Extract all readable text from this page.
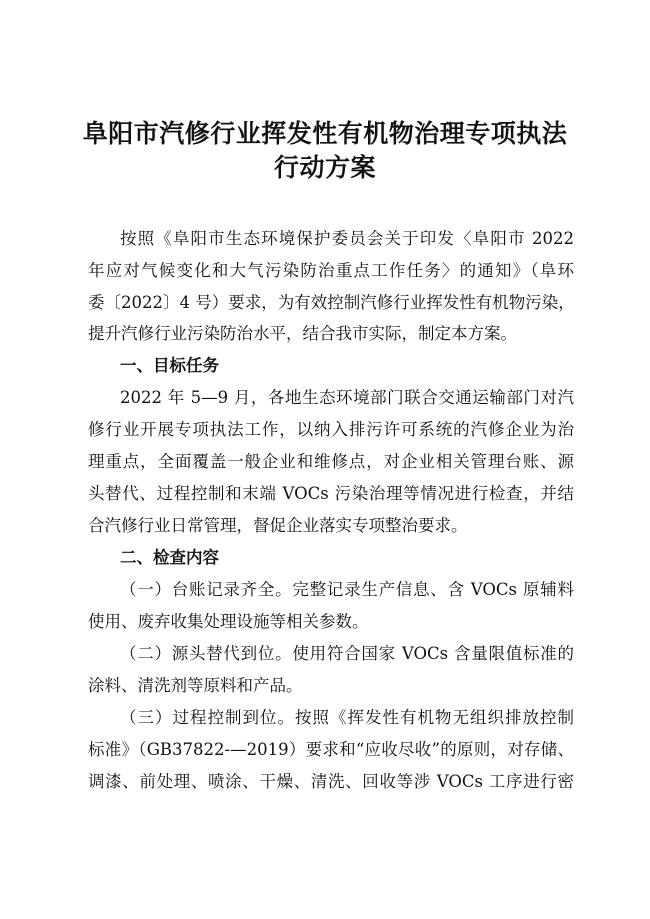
阜阳市汽修行业挥发性有机物治理专项执法
行动方案

按照《阜阳市生态环境保护委员会关于印发〈阜阳市 2022

年应对气候变化和大气污染防治重点工作任务〉的通知》（阜环

委〔2022〕4 号）要求，为有效控制汽修行业挥发性有机物污染，

提升汽修行业污染防治水平，结合我市实际，制定本方案。

一、目标任务

2022 年 5—9 月，各地生态环境部门联合交通运输部门对汽

修行业开展专项执法工作，以纳入排污许可系统的汽修企业为治

理重点，全面覆盖一般企业和维修点，对企业相关管理台账、源

头替代、过程控制和末端 VOCs 污染治理等情况进行检查，并结

合汽修行业日常管理，督促企业落实专项整治要求。

二、检查内容

（一）台账记录齐全。完整记录生产信息、含 VOCs 原辅料

使用、废弃收集处理设施等相关参数。

（二）源头替代到位。使用符合国家 VOCs 含量限值标准的

涂料、清洗剂等原料和产品。

（三）过程控制到位。按照《挥发性有机物无组织排放控制

标准》（GB37822-—2019）要求和“应收尽收”的原则，对存储、

调漆、前处理、喷涂、干燥、清洗、回收等涉 VOCs 工序进行密
